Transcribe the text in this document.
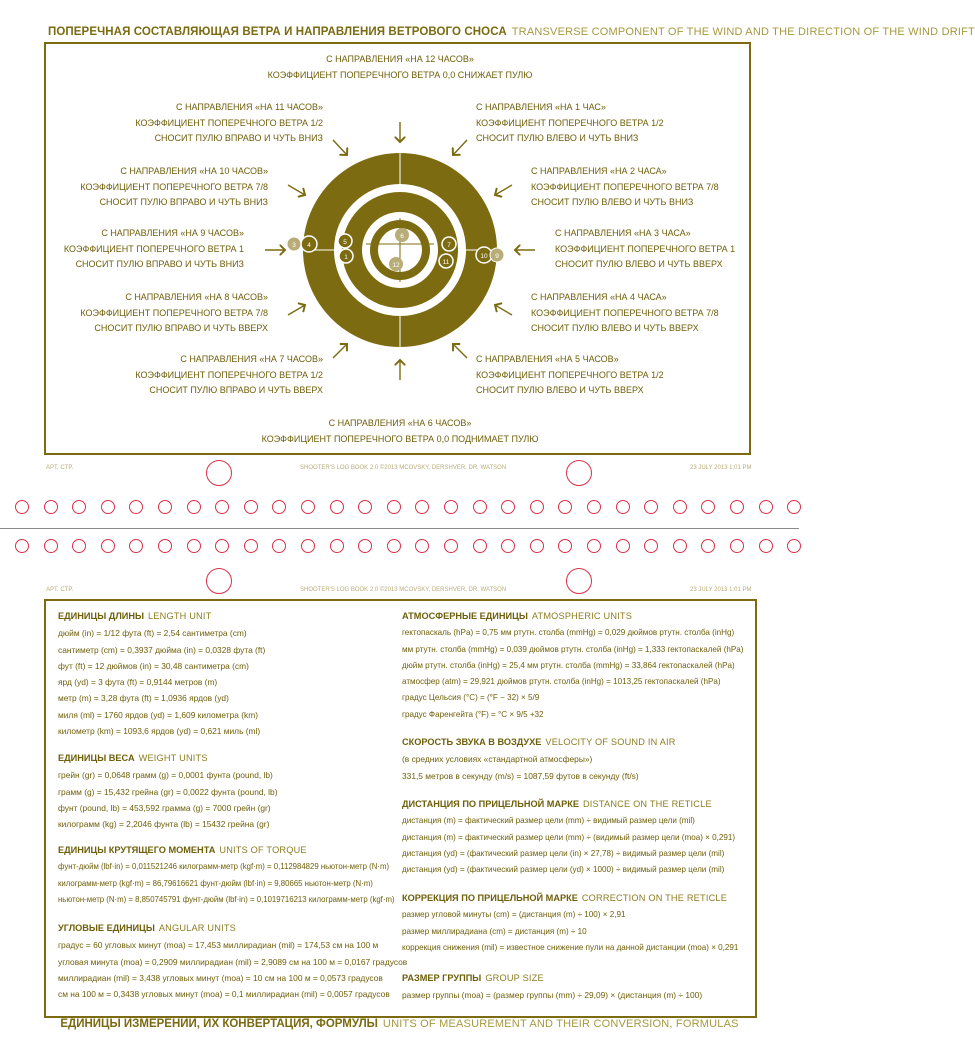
ПОПЕРЕЧНАЯ СОСТАВЛЯЮЩАЯ ВЕТРА И НАПРАВЛЕНИЯ ВЕТРОВОГО СНОСА TRANSVERSE COMPONENT OF THE WIND AND THE DIRECTION OF THE WIND DRIFT
С НАПРАВЛЕНИЯ «НА 12 ЧАСОВ»
КОЭФФИЦИЕНТ ПОПЕРЕЧНОГО ВЕТРА 0,0 СНИЖАЕТ ПУЛЮ
С НАПРАВЛЕНИЯ «НА 11 ЧАСОВ»
КОЭФФИЦИЕНТ ПОПЕРЕЧНОГО ВЕТРА 1/2
СНОСИТ ПУЛЮ ВПРАВО И ЧУТЬ ВНИЗ
С НАПРАВЛЕНИЯ «НА 1 ЧАС»
КОЭФФИЦИЕНТ ПОПЕРЕЧНОГО ВЕТРА 1/2
СНОСИТ ПУЛЮ ВЛЕВО И ЧУТЬ ВНИЗ
С НАПРАВЛЕНИЯ «НА 10 ЧАСОВ»
КОЭФФИЦИЕНТ ПОПЕРЕЧНОГО ВЕТРА 7/8
СНОСИТ ПУЛЮ ВПРАВО И ЧУТЬ ВНИЗ
С НАПРАВЛЕНИЯ «НА 2 ЧАСА»
КОЭФФИЦИЕНТ ПОПЕРЕЧНОГО ВЕТРА 7/8
СНОСИТ ПУЛЮ ВЛЕВО И ЧУТЬ ВНИЗ
С НАПРАВЛЕНИЯ «НА 9 ЧАСОВ»
КОЭФФИЦИЕНТ ПОПЕРЕЧНОГО ВЕТРА 1
СНОСИТ ПУЛЮ ВПРАВО И ЧУТЬ ВНИЗ
С НАПРАВЛЕНИЯ «НА 3 ЧАСА»
КОЭФФИЦИЕНТ ПОПЕРЕЧНОГО ВЕТРА 1
СНОСИТ ПУЛЮ ВЛЕВО И ЧУТЬ ВВЕРХ
С НАПРАВЛЕНИЯ «НА 8 ЧАСОВ»
КОЭФФИЦИЕНТ ПОПЕРЕЧНОГО ВЕТРА 7/8
СНОСИТ ПУЛЮ ВПРАВО И ЧУТЬ ВВЕРХ
С НАПРАВЛЕНИЯ «НА 4 ЧАСА»
КОЭФФИЦИЕНТ ПОПЕРЕЧНОГО ВЕТРА 7/8
СНОСИТ ПУЛЮ ВЛЕВО И ЧУТЬ ВВЕРХ
С НАПРАВЛЕНИЯ «НА 7 ЧАСОВ»
КОЭФФИЦИЕНТ ПОПЕРЕЧНОГО ВЕТРА 1/2
СНОСИТ ПУЛЮ ВПРАВО И ЧУТЬ ВВЕРХ
С НАПРАВЛЕНИЯ «НА 5 ЧАСОВ»
КОЭФФИЦИЕНТ ПОПЕРЕЧНОГО ВЕТРА 1/2
СНОСИТ ПУЛЮ ВЛЕВО И ЧУТЬ ВВЕРХ
С НАПРАВЛЕНИЯ «НА 6 ЧАСОВ»
КОЭФФИЦИЕНТ ПОПЕРЕЧНОГО ВЕТРА 0,0 ПОДНИМАЕТ ПУЛЮ
3 4	5
1
6
12
7
11
10 9
APT. CTP.	SHOOTER'S LOG BOOK 2.0 ©2013 MCOVSKY, DERSHVER, DR. WATSON	23 JULY 2013 1:01 PM
APT. CTP.	SHOOTER'S LOG BOOK 2.0 ©2013 MCOVSKY, DERSHVER, DR. WATSON	23 JULY 2013 1:01 PM
ЕДИНИЦЫ ДЛИНЫ LENGTH UNIT
дюйм (in) = 1/12 фута (ft) = 2,54 сантиметра (cm)
сантиметр (cm) = 0,3937 дюйма (in) = 0,0328 фута (ft)
фут (ft) = 12 дюймов (in) = 30,48 сантиметра (cm)
ярд (yd) = 3 фута (ft) = 0,9144 метров (m)
метр (m) = 3,28 фута (ft) = 1,0936 ярдов (yd)
миля (ml) = 1760 ярдов (yd) = 1,609 километра (km)
километр (km) = 1093,6 ярдов (yd) = 0,621 миль (ml)
ЕДИНИЦЫ ВЕСА WEIGHT UNITS
грейн (gr) = 0,0648 грамм (g) = 0,0001 фунта (pound, lb)
грамм (g) = 15,432 грейна (gr) = 0,0022 фунта (pound, lb)
фунт (pound, lb) = 453,592 грамма (g) = 7000 грейн (gr)
килограмм (kg) = 2,2046 фунта (lb) = 15432 грейна (gr)
ЕДИНИЦЫ КРУТЯЩЕГО МОМЕНТА UNITS OF TORQUE
фунт-дюйм (lbf·in) = 0,011521246 килограмм-метр (kgf·m) = 0,112984829 ньютон-метр (N·m)
килограмм-метр (kgf·m) = 86,79616621 фунт-дюйм (lbf·in) = 9,80665 ньютон-метр (N·m)
ньютон-метр (N·m) = 8,850745791 фунт-дюйм (lbf·in) = 0,1019716213 килограмм-метр (kgf·m)
УГЛОВЫЕ ЕДИНИЦЫ ANGULAR UNITS
градус = 60 угловых минут (moa) = 17,453 миллирадиан (mil) = 174,53 см на 100 м
угловая минута (moa) = 0,2909 миллирадиан (mil) = 2,9089 см на 100 м = 0,0167 градусов
миллирадиан (mil) = 3,438 угловых минут (moa) = 10 см на 100 м = 0,0573 градусов
см на 100 м = 0,3438 угловых минут (moa) = 0,1 миллирадиан (mil) = 0,0057 градусов
АТМОСФЕРНЫЕ ЕДИНИЦЫ ATMOSPHERIC UNITS
гектопаскаль (hPa) = 0,75 мм ртутн. столба (mmHg) = 0,029 дюймов ртутн. столба (inHg)
мм ртутн. столба (mmHg) = 0,039 дюймов ртутн. столба (inHg) = 1,333 гектопаскалей (hPa)
дюйм ртутн. столба (inHg) = 25,4 мм ртутн. столба (mmHg) = 33,864 гектопаскалей (hPa)
атмосфер (atm) = 29,921 дюймов ртутн. столба (inHg) = 1013,25 гектопаскалей (hPa)
градус Цельсия (°C) = (°F − 32) × 5/9
градус Фаренгейта (°F) = °C × 9/5 +32
СКОРОСТЬ ЗВУКА В ВОЗДУХЕ VELOCITY OF SOUND IN AIR
(в средних условиях «стандартной атмосферы»)
331,5 метров в секунду (m/s) = 1087,59 футов в секунду (ft/s)
ДИСТАНЦИЯ ПО ПРИЦЕЛЬНОЙ МАРКЕ DISTANCE ON THE RETICLE
дистанция (m) = фактический размер цели (mm) ÷ видимый размер цели (mil)
дистанция (m) = фактический размер цели (mm) ÷ (видимый размер цели (moa) × 0,291)
дистанция (yd) = (фактический размер цели (in) × 27,78) ÷ видимый размер цели (mil)
дистанция (yd) = (фактический размер цели (yd) × 1000) ÷ видимый размер цели (mil)
КОРРЕКЦИЯ ПО ПРИЦЕЛЬНОЙ МАРКЕ CORRECTION ON THE RETICLE
размер угловой минуты (cm) = (дистанция (m) ÷ 100) × 2,91
размер миллирадиана (cm) = дистанция (m) ÷ 10
коррекция снижения (mil) = известное снижение пули на данной дистанции (moa) × 0,291
РАЗМЕР ГРУППЫ GROUP SIZE
размер группы (moa) = (размер группы (mm) ÷ 29,09) × (дистанция (m) ÷ 100)
ЕДИНИЦЫ ИЗМЕРЕНИЙ, ИХ КОНВЕРТАЦИЯ, ФОРМУЛЫ UNITS OF MEASUREMENT AND THEIR CONVERSION, FORMULAS
